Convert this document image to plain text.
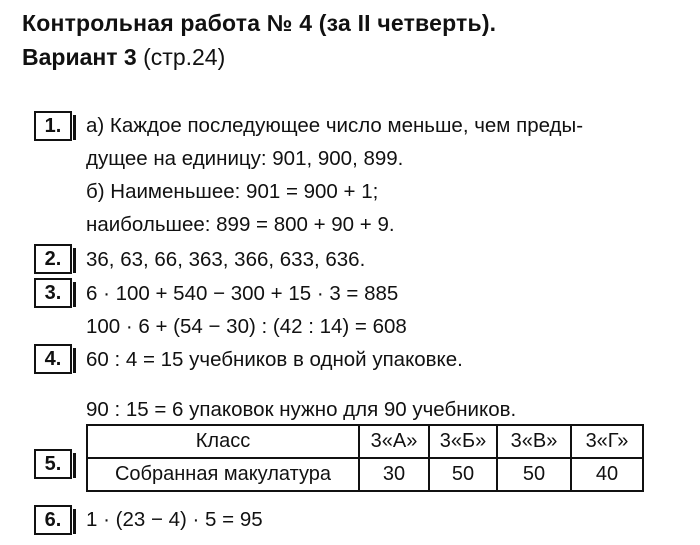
Контрольная работа № 4 (за II четверть).
Вариант 3 (стр.24)
1.	а) Каждое последующее число меньше, чем преды-
дущее на единицу: 901, 900, 899.
б) Наименьшее: 901 = 900 + 1;
наибольшее: 899 = 800 + 90 + 9.
2.	36, 63, 66, 363, 366, 633, 636.
3.	6 · 100 + 540 − 300 + 15 · 3 = 885
100 · 6 + (54 − 30) : (42 : 14) = 608
4.	60 : 4 = 15 учебников в одной упаковке.
90 : 15 = 6 упаковок нужно для 90 учебников.
5.
Класс	3«А»	3«Б»	3«В»	3«Г»
Собранная макулатура	30	50	50	40
6.	1 · (23 − 4) · 5 = 95
